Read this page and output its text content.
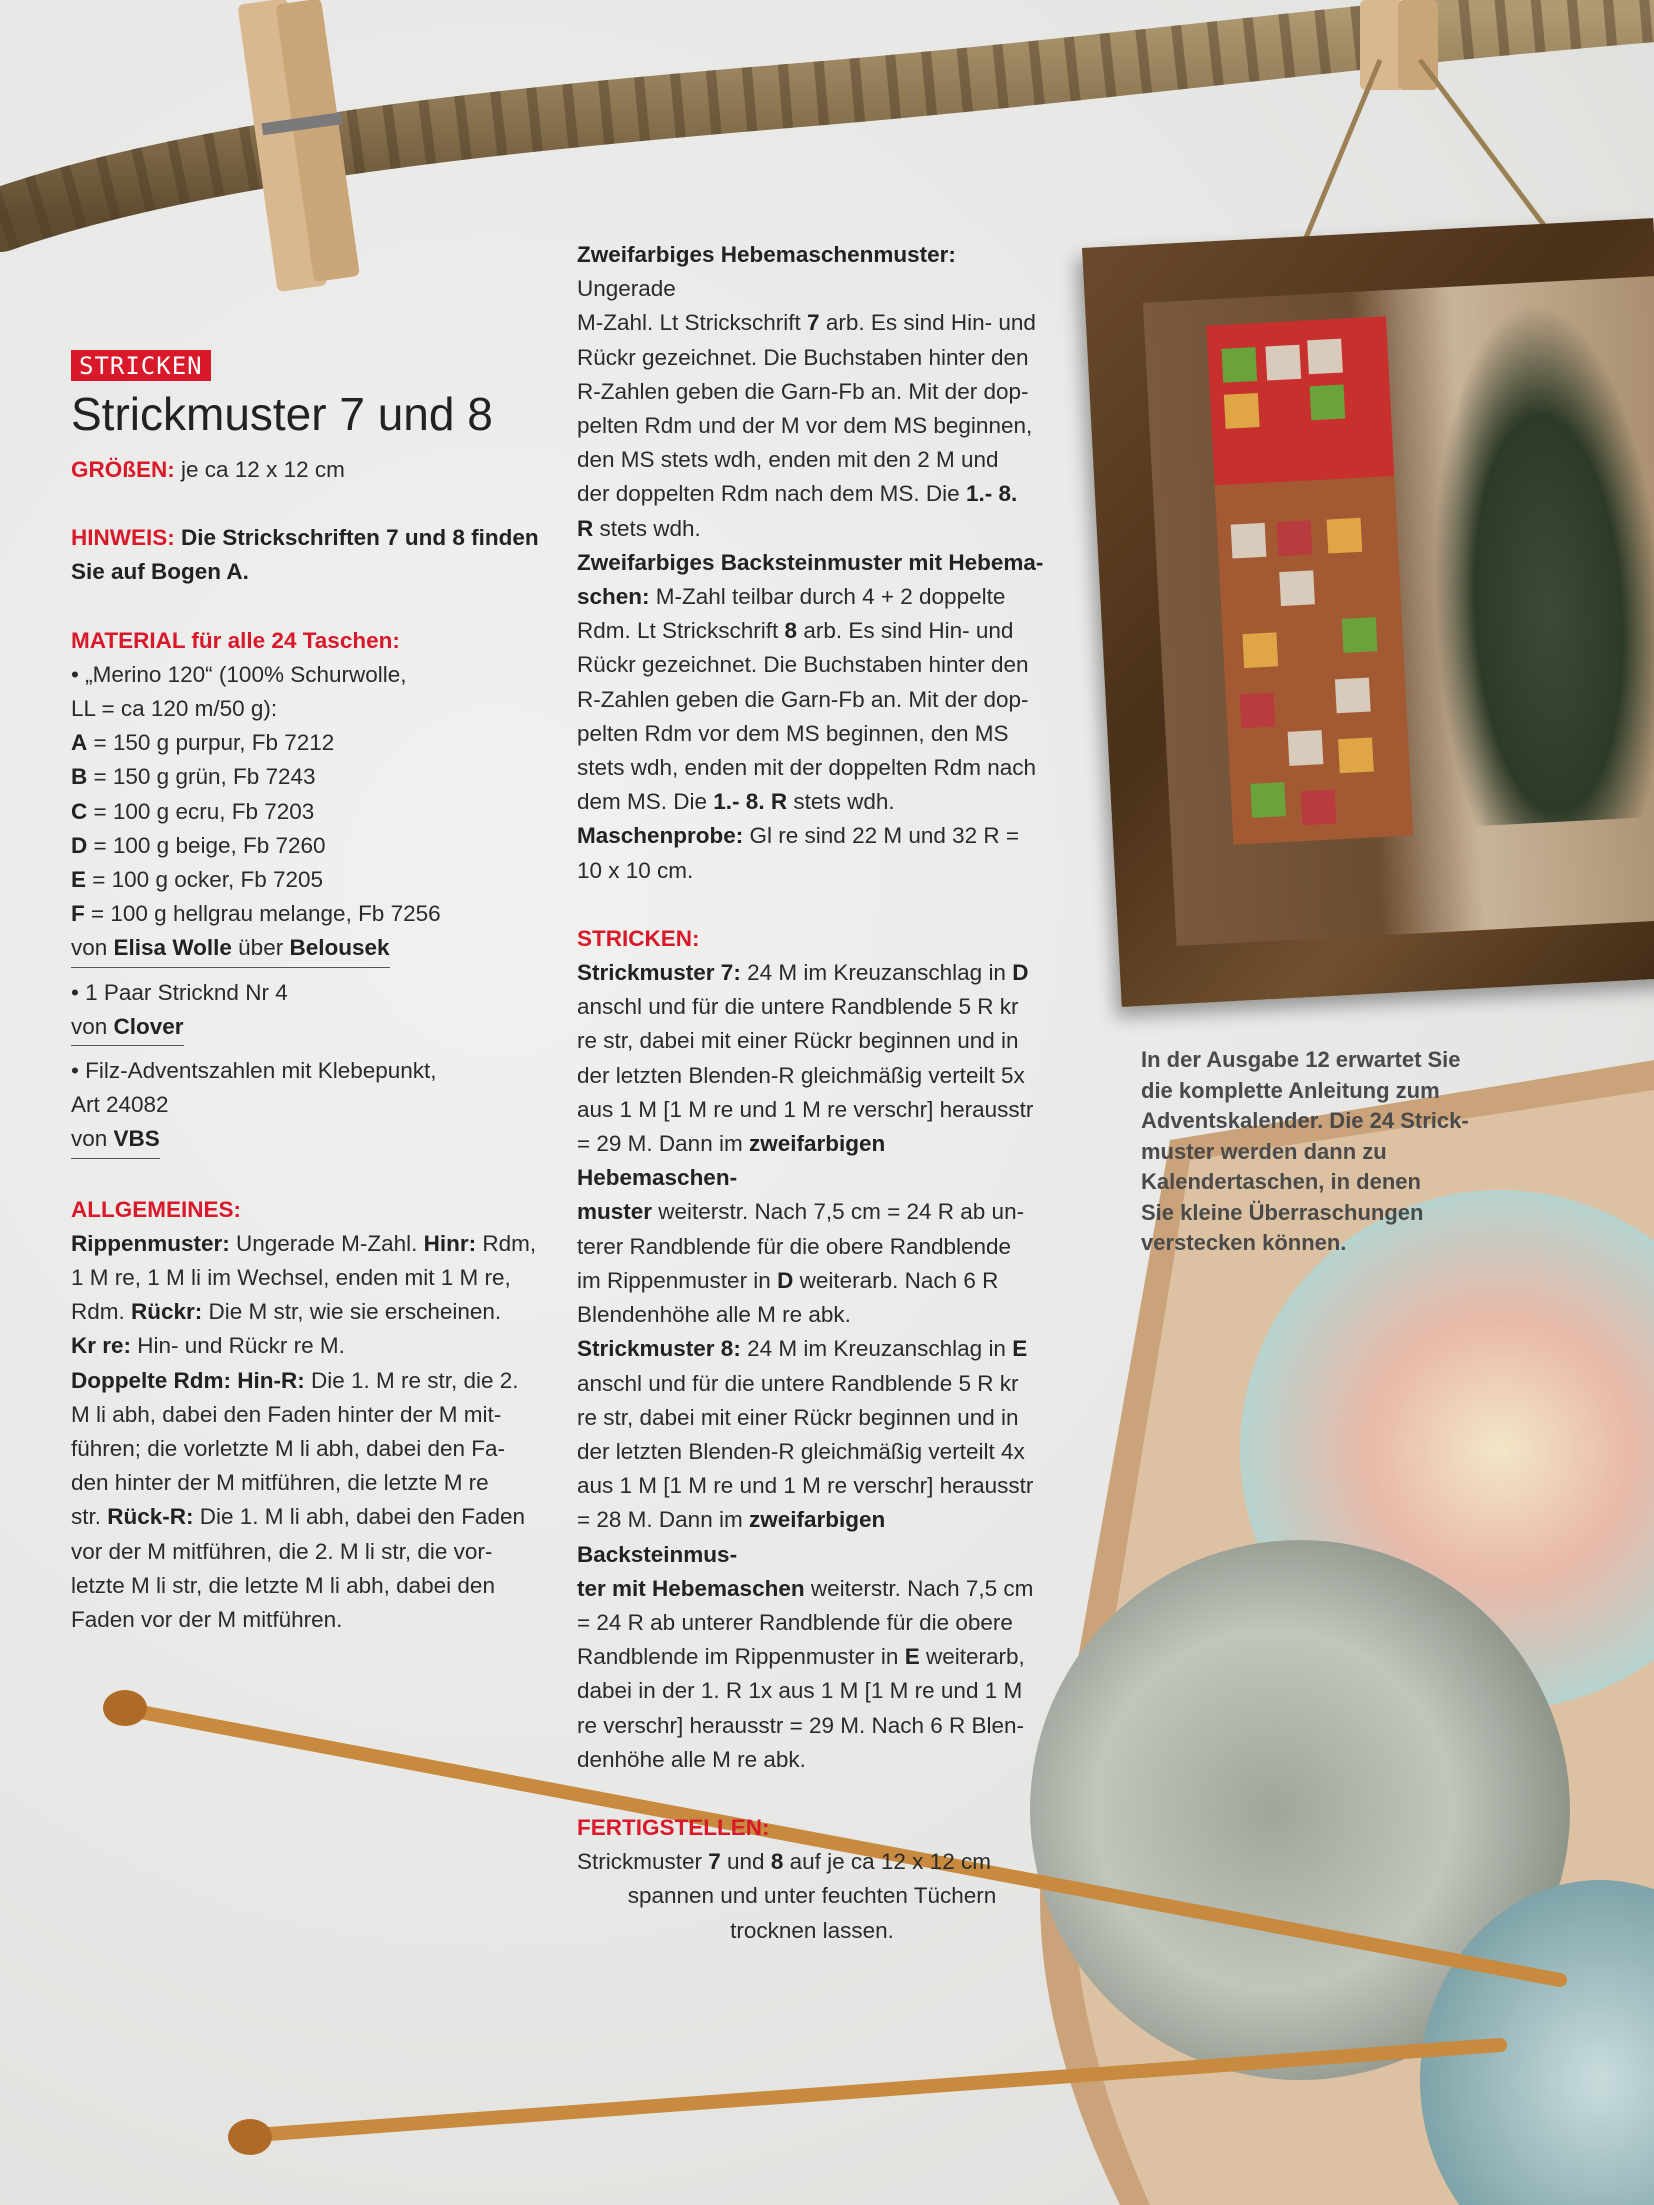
STRICKEN
Strickmuster 7 und 8

GRÖßEN: je ca 12 x 12 cm

HINWEIS: Die Strickschriften 7 und 8 finden

Sie auf Bogen A.

MATERIAL für alle 24 Taschen:

• „Merino 120“ (100% Schurwolle,

LL = ca 120 m/50 g):

A = 150 g purpur, Fb 7212

B = 150 g grün, Fb 7243

C = 100 g ecru, Fb 7203

D = 100 g beige, Fb 7260

E = 100 g ocker, Fb 7205

F = 100 g hellgrau melange, Fb 7256

von Elisa Wolle über Belousek

• 1 Paar Stricknd Nr 4

von Clover

• Filz-Adventszahlen mit Klebepunkt,

Art 24082

von VBS

ALLGEMEINES:

Rippenmuster: Ungerade M-Zahl. Hinr: Rdm,

1 M re, 1 M li im Wechsel, enden mit 1 M re,

Rdm. Rückr: Die M str, wie sie erscheinen.

Kr re: Hin- und Rückr re M.

Doppelte Rdm: Hin-R: Die 1. M re str, die 2.

M li abh, dabei den Faden hinter der M mit-

führen; die vorletzte M li abh, dabei den Fa-

den hinter der M mitführen, die letzte M re

str. Rück-R: Die 1. M li abh, dabei den Faden

vor der M mitführen, die 2. M li str, die vor-

letzte M li str, die letzte M li abh, dabei den

Faden vor der M mitführen.

Zweifarbiges Hebemaschenmuster: Ungerade

M-Zahl. Lt Strickschrift 7 arb. Es sind Hin- und

Rückr gezeichnet. Die Buchstaben hinter den

R-Zahlen geben die Garn-Fb an. Mit der dop-

pelten Rdm und der M vor dem MS beginnen,

den MS stets wdh, enden mit den 2 M und

der doppelten Rdm nach dem MS. Die 1.- 8.

R stets wdh.

Zweifarbiges Backsteinmuster mit Hebema-

schen: M-Zahl teilbar durch 4 + 2 doppelte

Rdm. Lt Strickschrift 8 arb. Es sind Hin- und

Rückr gezeichnet. Die Buchstaben hinter den

R-Zahlen geben die Garn-Fb an. Mit der dop-

pelten Rdm vor dem MS beginnen, den MS

stets wdh, enden mit der doppelten Rdm nach

dem MS. Die 1.- 8. R stets wdh.

Maschenprobe: Gl re sind 22 M und 32 R =

10 x 10 cm.

STRICKEN:

Strickmuster 7: 24 M im Kreuzanschlag in D

anschl und für die untere Randblende 5 R kr

re str, dabei mit einer Rückr beginnen und in

der letzten Blenden-R gleichmäßig verteilt 5x

aus 1 M [1 M re und 1 M re verschr] herausstr

= 29 M. Dann im zweifarbigen Hebemaschen-

muster weiterstr. Nach 7,5 cm = 24 R ab un-

terer Randblende für die obere Randblende

im Rippenmuster in D weiterarb. Nach 6 R

Blendenhöhe alle M re abk.

Strickmuster 8: 24 M im Kreuzanschlag in E

anschl und für die untere Randblende 5 R kr

re str, dabei mit einer Rückr beginnen und in

der letzten Blenden-R gleichmäßig verteilt 4x

aus 1 M [1 M re und 1 M re verschr] herausstr

= 28 M. Dann im zweifarbigen Backsteinmus-

ter mit Hebemaschen weiterstr. Nach 7,5 cm

= 24 R ab unterer Randblende für die obere

Randblende im Rippenmuster in E weiterarb,

dabei in der 1. R 1x aus 1 M [1 M re und 1 M

re verschr] herausstr = 29 M. Nach 6 R Blen-

denhöhe alle M re abk.

FERTIGSTELLEN:

Strickmuster 7 und 8 auf je ca 12 x 12 cm

spannen und unter feuchten Tüchern

trocknen lassen.

In der Ausgabe 12 erwartet Sie

die komplette Anleitung zum

Adventskalender. Die 24 Strick-

muster werden dann zu

Kalendertaschen, in denen

Sie kleine Überraschungen

verstecken können.
